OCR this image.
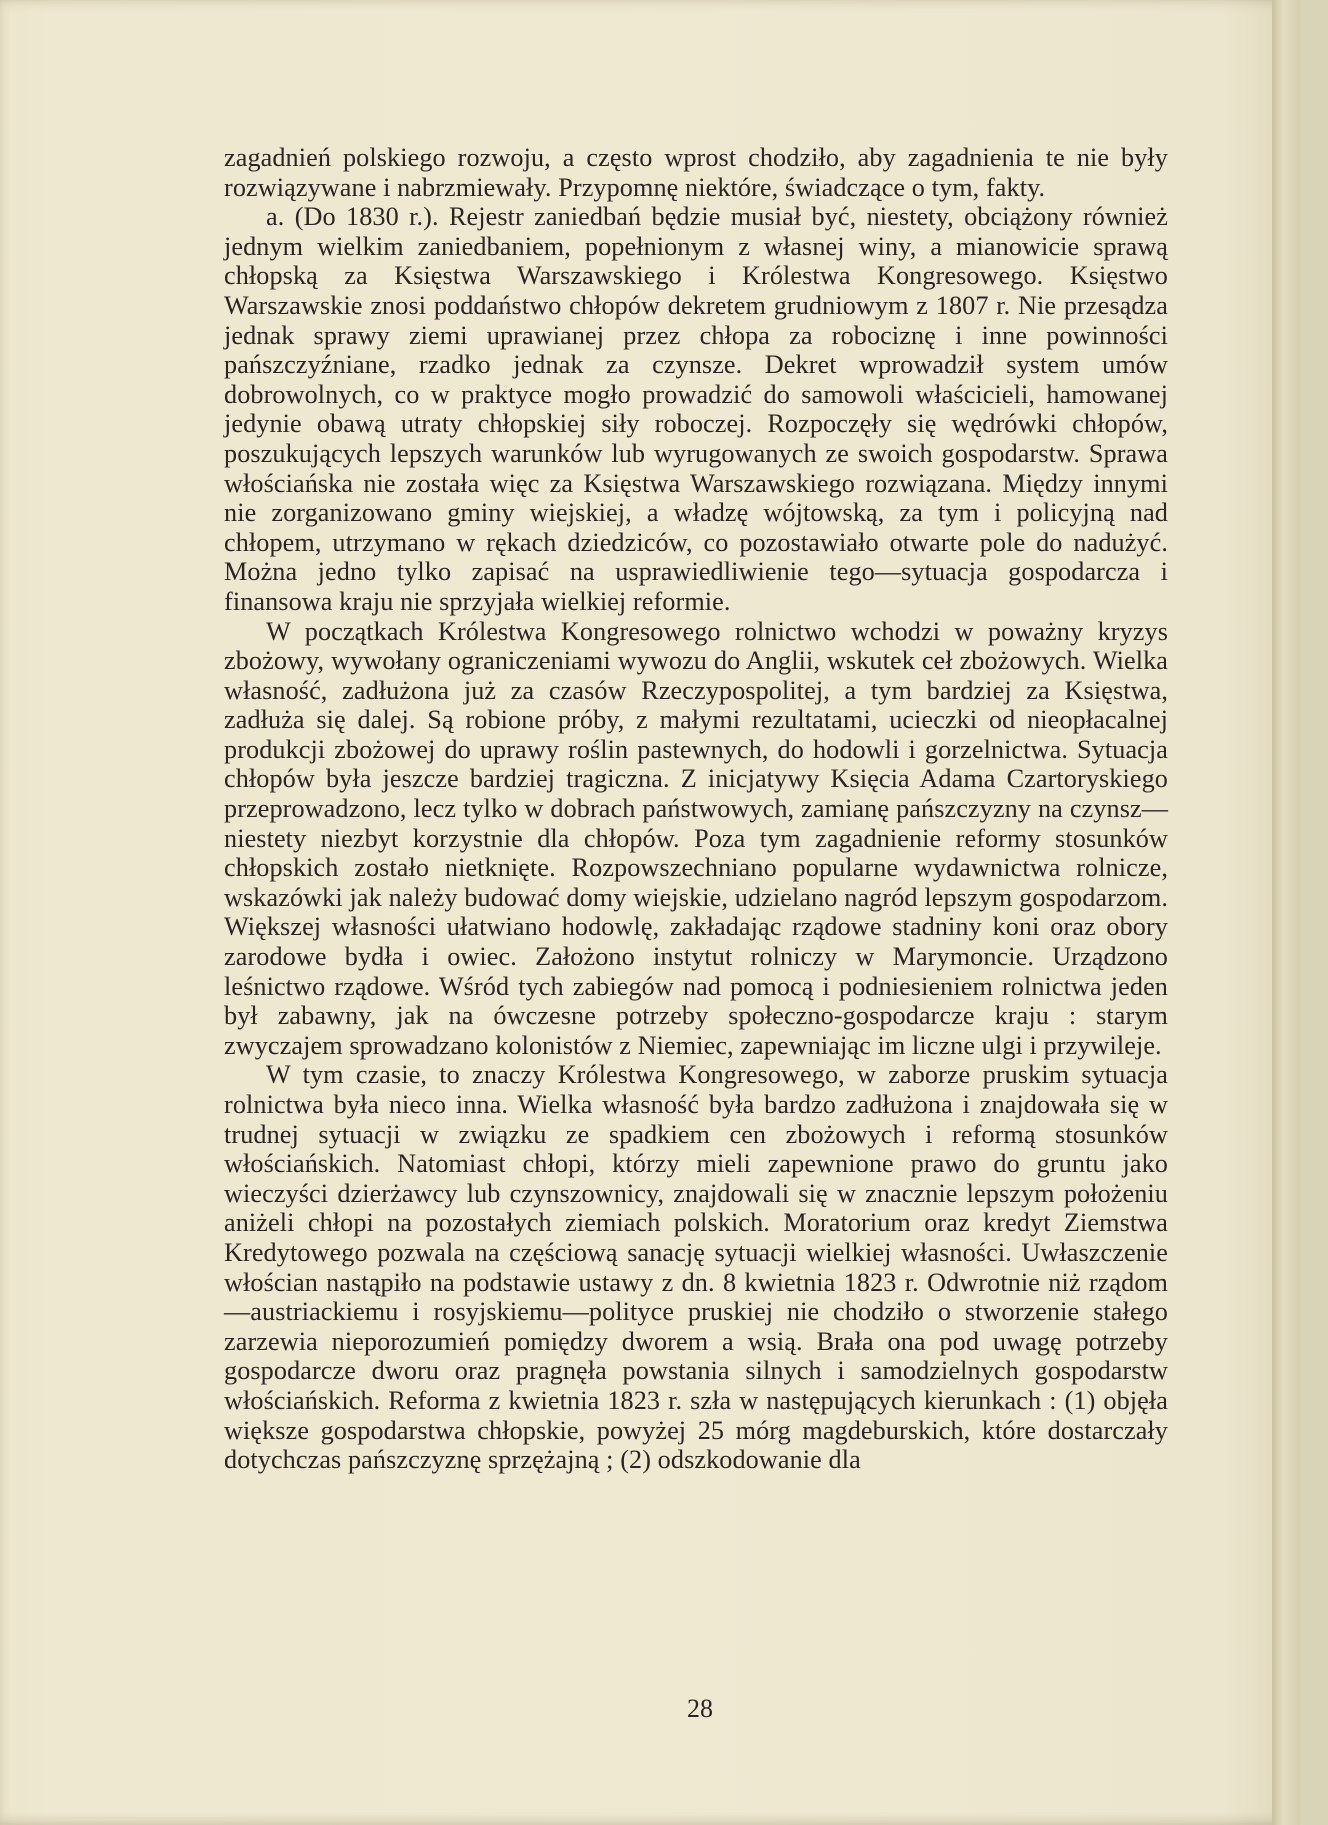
zagadnień polskiego rozwoju, a często wprost chodziło, aby zagadnienia te nie były rozwiązywane i nabrzmiewały. Przypomnę niektóre, świadczące o tym, fakty.

a. (Do 1830 r.). Rejestr zaniedbań będzie musiał być, niestety, obciążony również jednym wielkim zaniedbaniem, popełnionym z własnej winy, a mianowicie sprawą chłopską za Księstwa Warszawskiego i Królestwa Kongresowego. Księstwo Warszawskie znosi poddaństwo chłopów dekretem grudniowym z 1807 r. Nie przesądza jednak sprawy ziemi uprawianej przez chłopa za robociznę i inne powinności pańszczyźniane, rzadko jednak za czynsze. Dekret wprowadził system umów dobrowolnych, co w praktyce mogło prowadzić do samowoli właścicieli, hamowanej jedynie obawą utraty chłopskiej siły roboczej. Rozpoczęły się wędrówki chłopów, poszukujących lepszych warunków lub wyrugowanych ze swoich gospodarstw. Sprawa włościańska nie została więc za Księstwa Warszawskiego rozwiązana. Między innymi nie zorganizowano gminy wiejskiej, a władzę wójtowską, za tym i policyjną nad chłopem, utrzymano w rękach dziedziców, co pozostawiało otwarte pole do nadużyć. Można jedno tylko zapisać na usprawiedliwienie tego—sytuacja gospodarcza i finansowa kraju nie sprzyjała wielkiej reformie.

W początkach Królestwa Kongresowego rolnictwo wchodzi w poważny kryzys zbożowy, wywołany ograniczeniami wywozu do Anglii, wskutek ceł zbożowych. Wielka własność, zadłużona już za czasów Rzeczypospolitej, a tym bardziej za Księstwa, zadłuża się dalej. Są robione próby, z małymi rezultatami, ucieczki od nieopłacalnej produkcji zbożowej do uprawy roślin pastewnych, do hodowli i gorzelnictwa. Sytuacja chłopów była jeszcze bardziej tragiczna. Z inicjatywy Księcia Adama Czartoryskiego przeprowadzono, lecz tylko w dobrach państwowych, zamianę pańszczyzny na czynsz—niestety niezbyt korzystnie dla chłopów. Poza tym zagadnienie reformy stosunków chłopskich zostało nietknięte. Rozpowszechniano popularne wydawnictwa rolnicze, wskazówki jak należy budować domy wiejskie, udzielano nagród lepszym gospodarzom. Większej własności ułatwiano hodowlę, zakładając rządowe stadniny koni oraz obory zarodowe bydła i owiec. Założono instytut rolniczy w Marymoncie. Urządzono leśnictwo rządowe. Wśród tych zabiegów nad pomocą i podniesieniem rolnictwa jeden był zabawny, jak na ówczesne potrzeby społeczno-gospodarcze kraju : starym zwyczajem sprowadzano kolonistów z Niemiec, zapewniając im liczne ulgi i przywileje.

W tym czasie, to znaczy Królestwa Kongresowego, w zaborze pruskim sytuacja rolnictwa była nieco inna. Wielka własność była bardzo zadłużona i znajdowała się w trudnej sytuacji w związku ze spadkiem cen zbożowych i reformą stosunków włościańskich. Natomiast chłopi, którzy mieli zapewnione prawo do gruntu jako wieczyści dzierżawcy lub czynszownicy, znajdowali się w znacznie lepszym położeniu aniżeli chłopi na pozostałych ziemiach polskich. Moratorium oraz kredyt Ziemstwa Kredytowego pozwala na częściową sanację sytuacji wielkiej własności. Uwłaszczenie włościan nastąpiło na podstawie ustawy z dn. 8 kwietnia 1823 r. Odwrotnie niż rządom—austriackiemu i rosyjskiemu—polityce pruskiej nie chodziło o stworzenie stałego zarzewia nieporozumień pomiędzy dworem a wsią. Brała ona pod uwagę potrzeby gospodarcze dworu oraz pragnęła powstania silnych i samodzielnych gospodarstw włościańskich. Reforma z kwietnia 1823 r. szła w następujących kierunkach : (1) objęła większe gospodarstwa chłopskie, powyżej 25 mórg magdeburskich, które dostarczały dotychczas pańszczyznę sprzężajną ; (2) odszkodowanie dla

28
